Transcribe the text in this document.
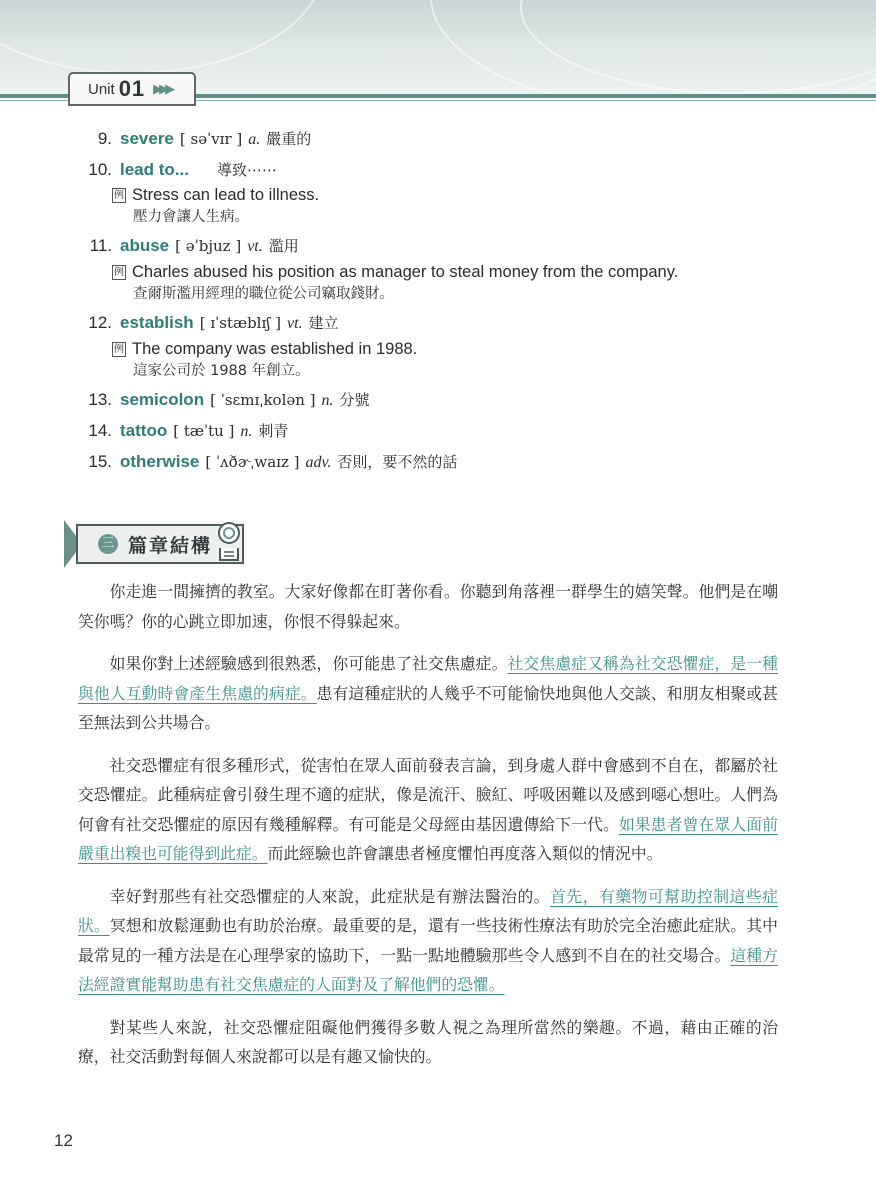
Unit 01 ▶▶▶
9. severe [ səˈvɪr ] a. 嚴重的
10. lead to... 導致⋯⋯
例 Stress can lead to illness.
壓力會讓人生病。
11. abuse [ əˈbjuz ] vt. 濫用
例 Charles abused his position as manager to steal money from the company.
查爾斯濫用經理的職位從公司竊取錢財。
12. establish [ ɪˈstæblɪʃ ] vt. 建立
例 The company was established in 1988.
這家公司於 1988 年創立。
13. semicolon [ ˈsɛmɪˌkolən ] n. 分號
14. tattoo [ tæˈtu ] n. 刺青
15. otherwise [ ˈʌðɚˌwaɪz ] adv. 否則，要不然的話
三 篇章結構

你走進一間擁擠的教室。大家好像都在盯著你看。你聽到角落裡一群學生的嬉笑聲。他們是在嘲笑你嗎？你的心跳立即加速，你恨不得躲起來。

如果你對上述經驗感到很熟悉，你可能患了社交焦慮症。社交焦慮症又稱為社交恐懼症，是一種與他人互動時會產生焦慮的病症。患有這種症狀的人幾乎不可能愉快地與他人交談、和朋友相聚或甚至無法到公共場合。

社交恐懼症有很多種形式，從害怕在眾人面前發表言論，到身處人群中會感到不自在，都屬於社交恐懼症。此種病症會引發生理不適的症狀，像是流汗、臉紅、呼吸困難以及感到噁心想吐。人們為何會有社交恐懼症的原因有幾種解釋。有可能是父母經由基因遺傳給下一代。如果患者曾在眾人面前嚴重出糗也可能得到此症。而此經驗也許會讓患者極度懼怕再度落入類似的情況中。

幸好對那些有社交恐懼症的人來說，此症狀是有辦法醫治的。首先，有藥物可幫助控制這些症狀。冥想和放鬆運動也有助於治療。最重要的是，還有一些技術性療法有助於完全治癒此症狀。其中最常見的一種方法是在心理學家的協助下，一點一點地體驗那些令人感到不自在的社交場合。這種方法經證實能幫助患有社交焦慮症的人面對及了解他們的恐懼。

對某些人來說，社交恐懼症阻礙他們獲得多數人視之為理所當然的樂趣。不過，藉由正確的治療，社交活動對每個人來說都可以是有趣又愉快的。

12
